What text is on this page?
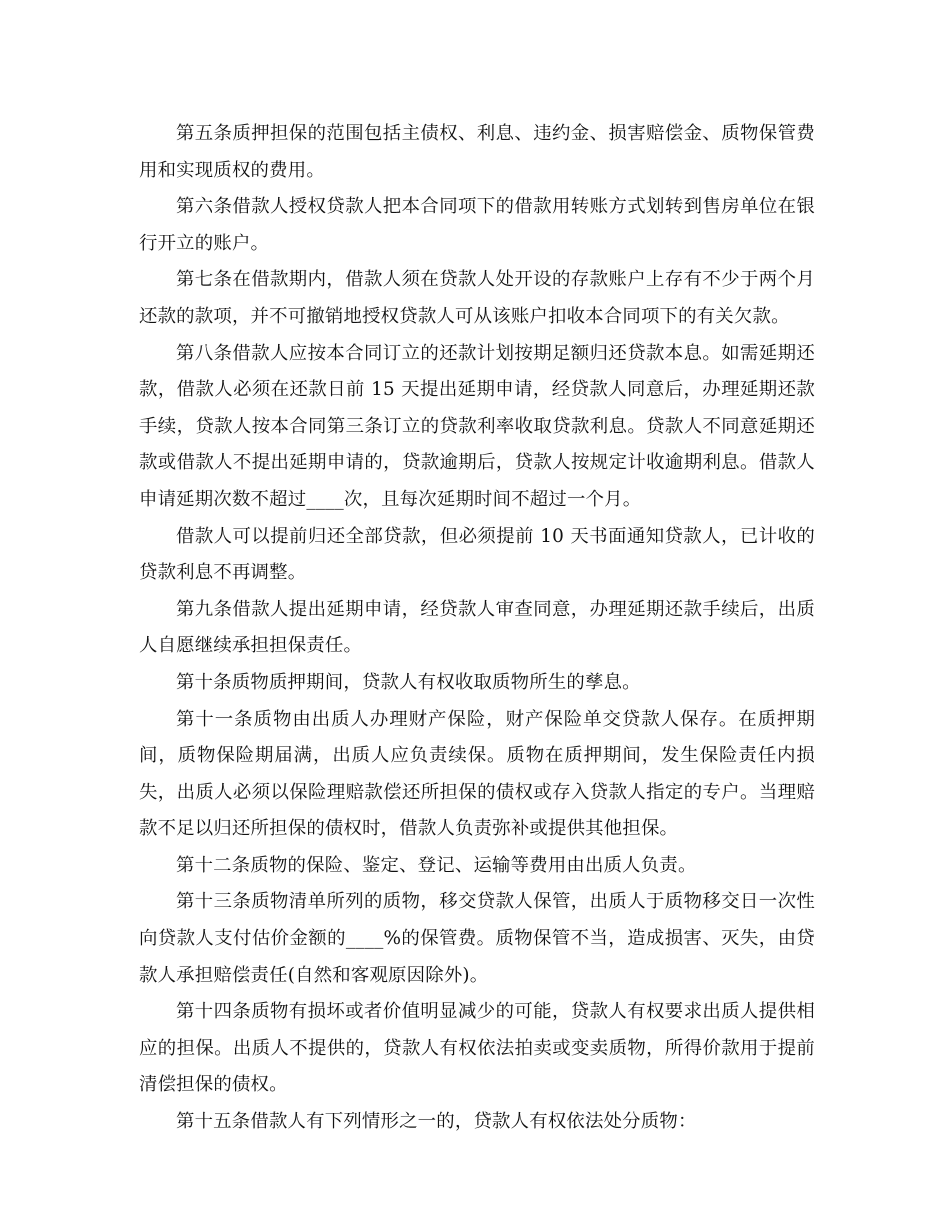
第五条质押担保的范围包括主债权、利息、违约金、损害赔偿金、质物保管费用和实现质权的费用。

第六条借款人授权贷款人把本合同项下的借款用转账方式划转到售房单位在银行开立的账户。

第七条在借款期内，借款人须在贷款人处开设的存款账户上存有不少于两个月还款的款项，并不可撤销地授权贷款人可从该账户扣收本合同项下的有关欠款。

第八条借款人应按本合同订立的还款计划按期足额归还贷款本息。如需延期还款，借款人必须在还款日前 15 天提出延期申请，经贷款人同意后，办理延期还款手续，贷款人按本合同第三条订立的贷款利率收取贷款利息。贷款人不同意延期还款或借款人不提出延期申请的，贷款逾期后，贷款人按规定计收逾期利息。借款人申请延期次数不超过____次，且每次延期时间不超过一个月。

借款人可以提前归还全部贷款，但必须提前 10 天书面通知贷款人，已计收的贷款利息不再调整。

第九条借款人提出延期申请，经贷款人审查同意，办理延期还款手续后，出质人自愿继续承担担保责任。

第十条质物质押期间，贷款人有权收取质物所生的孳息。

第十一条质物由出质人办理财产保险，财产保险单交贷款人保存。在质押期间，质物保险期届满，出质人应负责续保。质物在质押期间，发生保险责任内损失，出质人必须以保险理赔款偿还所担保的债权或存入贷款人指定的专户。当理赔款不足以归还所担保的债权时，借款人负责弥补或提供其他担保。

第十二条质物的保险、鉴定、登记、运输等费用由出质人负责。

第十三条质物清单所列的质物，移交贷款人保管，出质人于质物移交日一次性向贷款人支付估价金额的____%的保管费。质物保管不当，造成损害、灭失，由贷款人承担赔偿责任(自然和客观原因除外)。

第十四条质物有损坏或者价值明显减少的可能，贷款人有权要求出质人提供相应的担保。出质人不提供的，贷款人有权依法拍卖或变卖质物，所得价款用于提前清偿担保的债权。

第十五条借款人有下列情形之一的，贷款人有权依法处分质物：
